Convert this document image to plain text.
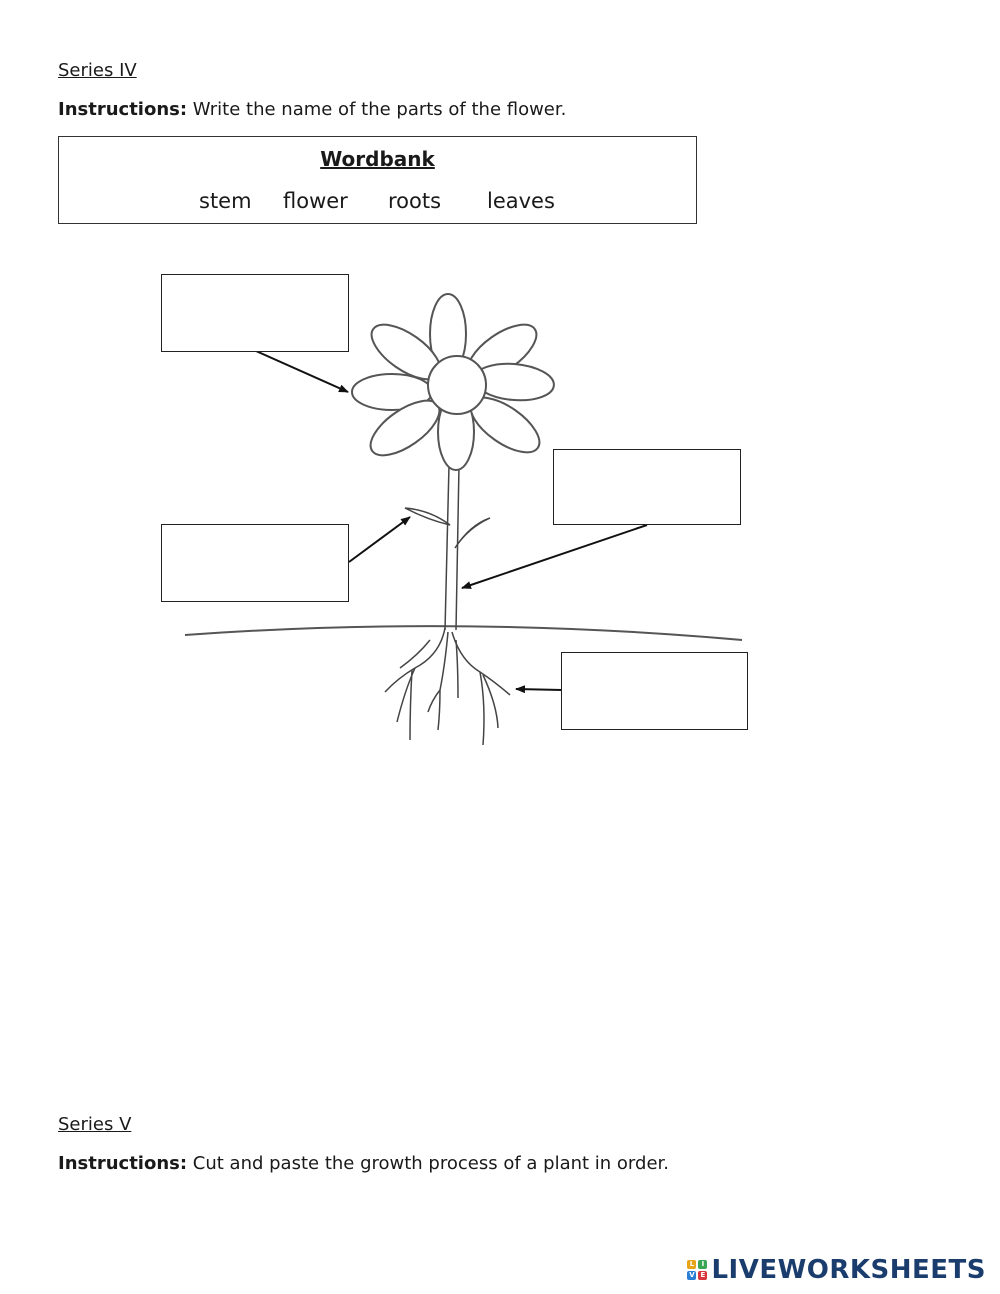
Series IV
Instructions: Write the name of the parts of the flower.
Wordbank
stem flower roots leaves
Series V
Instructions: Cut and paste the growth process of a plant in order.
L	I
V E LIVEWORKSHEETS
